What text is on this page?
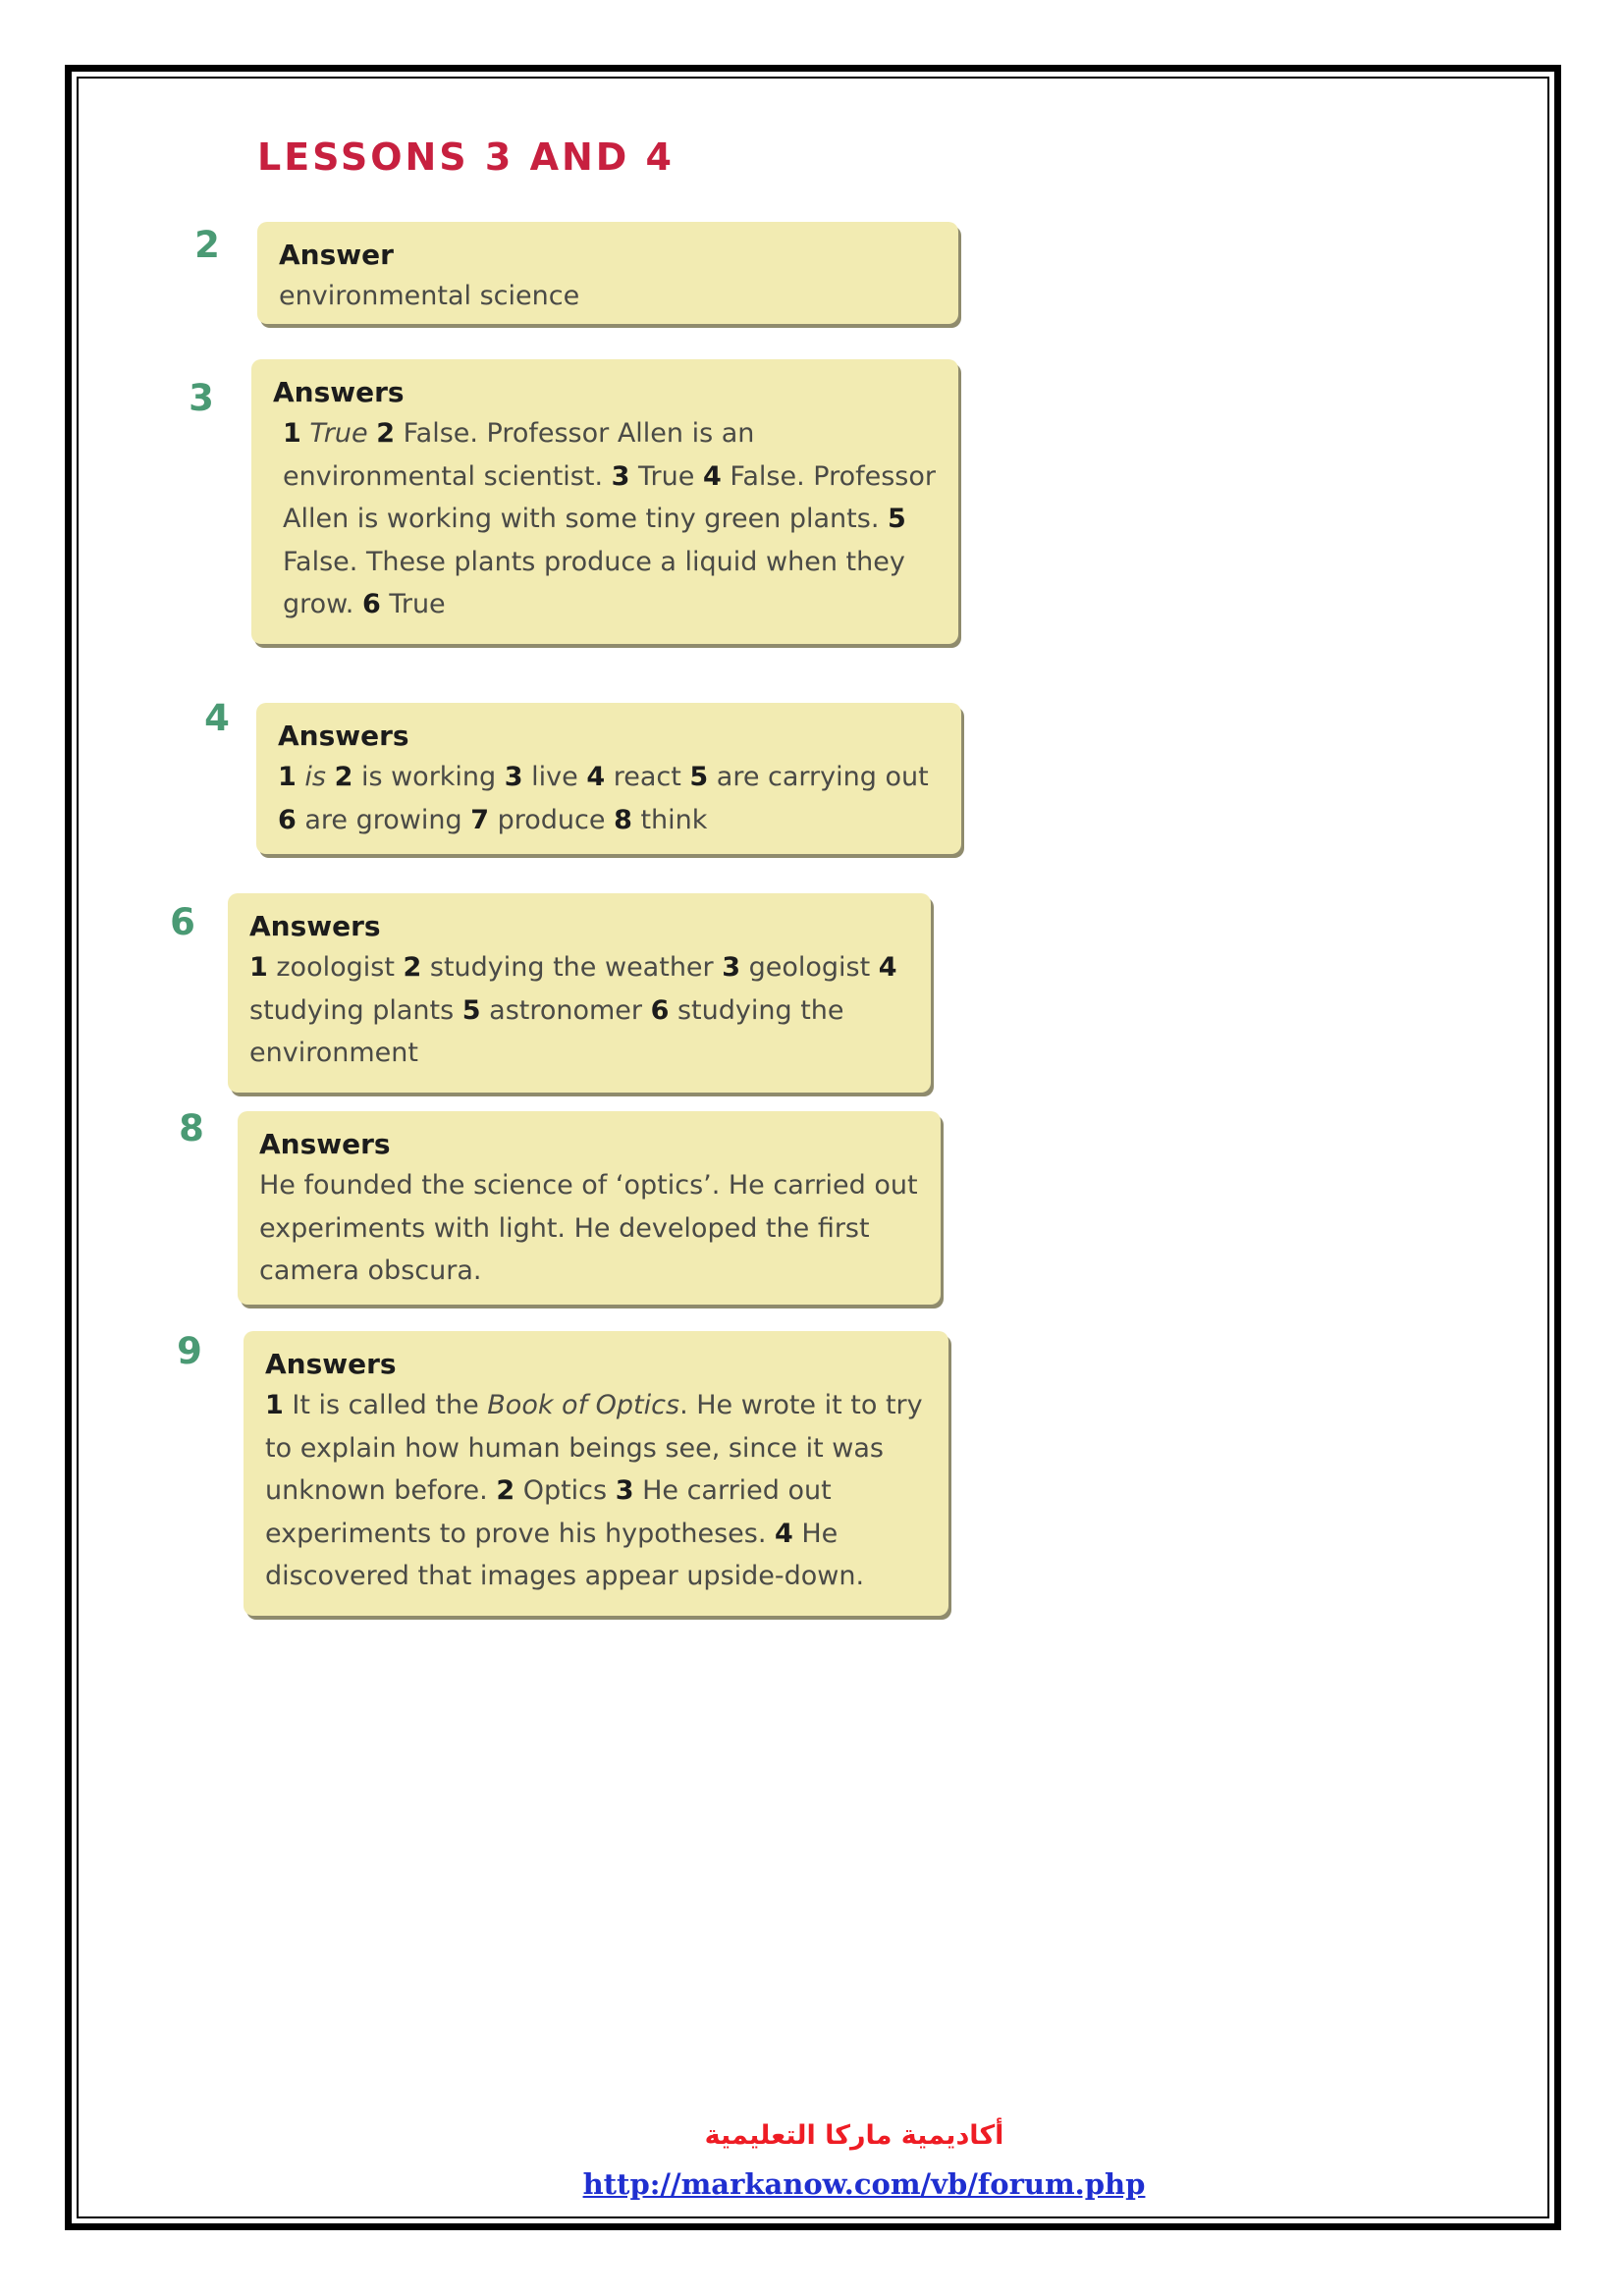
LESSONS 3 AND 4
2 Answer
environmental science
3 Answers
1 True 2 False. Professor Allen is an environmental scientist. 3 True 4 False. Professor Allen is working with some tiny green plants. 5 False. These plants produce a liquid when they grow. 6 True
4 Answers
1 is 2 is working 3 live 4 react 5 are carrying out 6 are growing 7 produce 8 think
6 Answers
1 zoologist 2 studying the weather 3 geologist 4 studying plants 5 astronomer 6 studying the environment
8 Answers
He founded the science of ‘optics’. He carried out experiments with light. He developed the first camera obscura.
9 Answers
1 It is called the Book of Optics. He wrote it to try to explain how human beings see, since it was unknown before. 2 Optics 3 He carried out experiments to prove his hypotheses. 4 He discovered that images appear upside-down.
أكاديمية ماركا التعليمية
http://markanow.com/vb/forum.php
